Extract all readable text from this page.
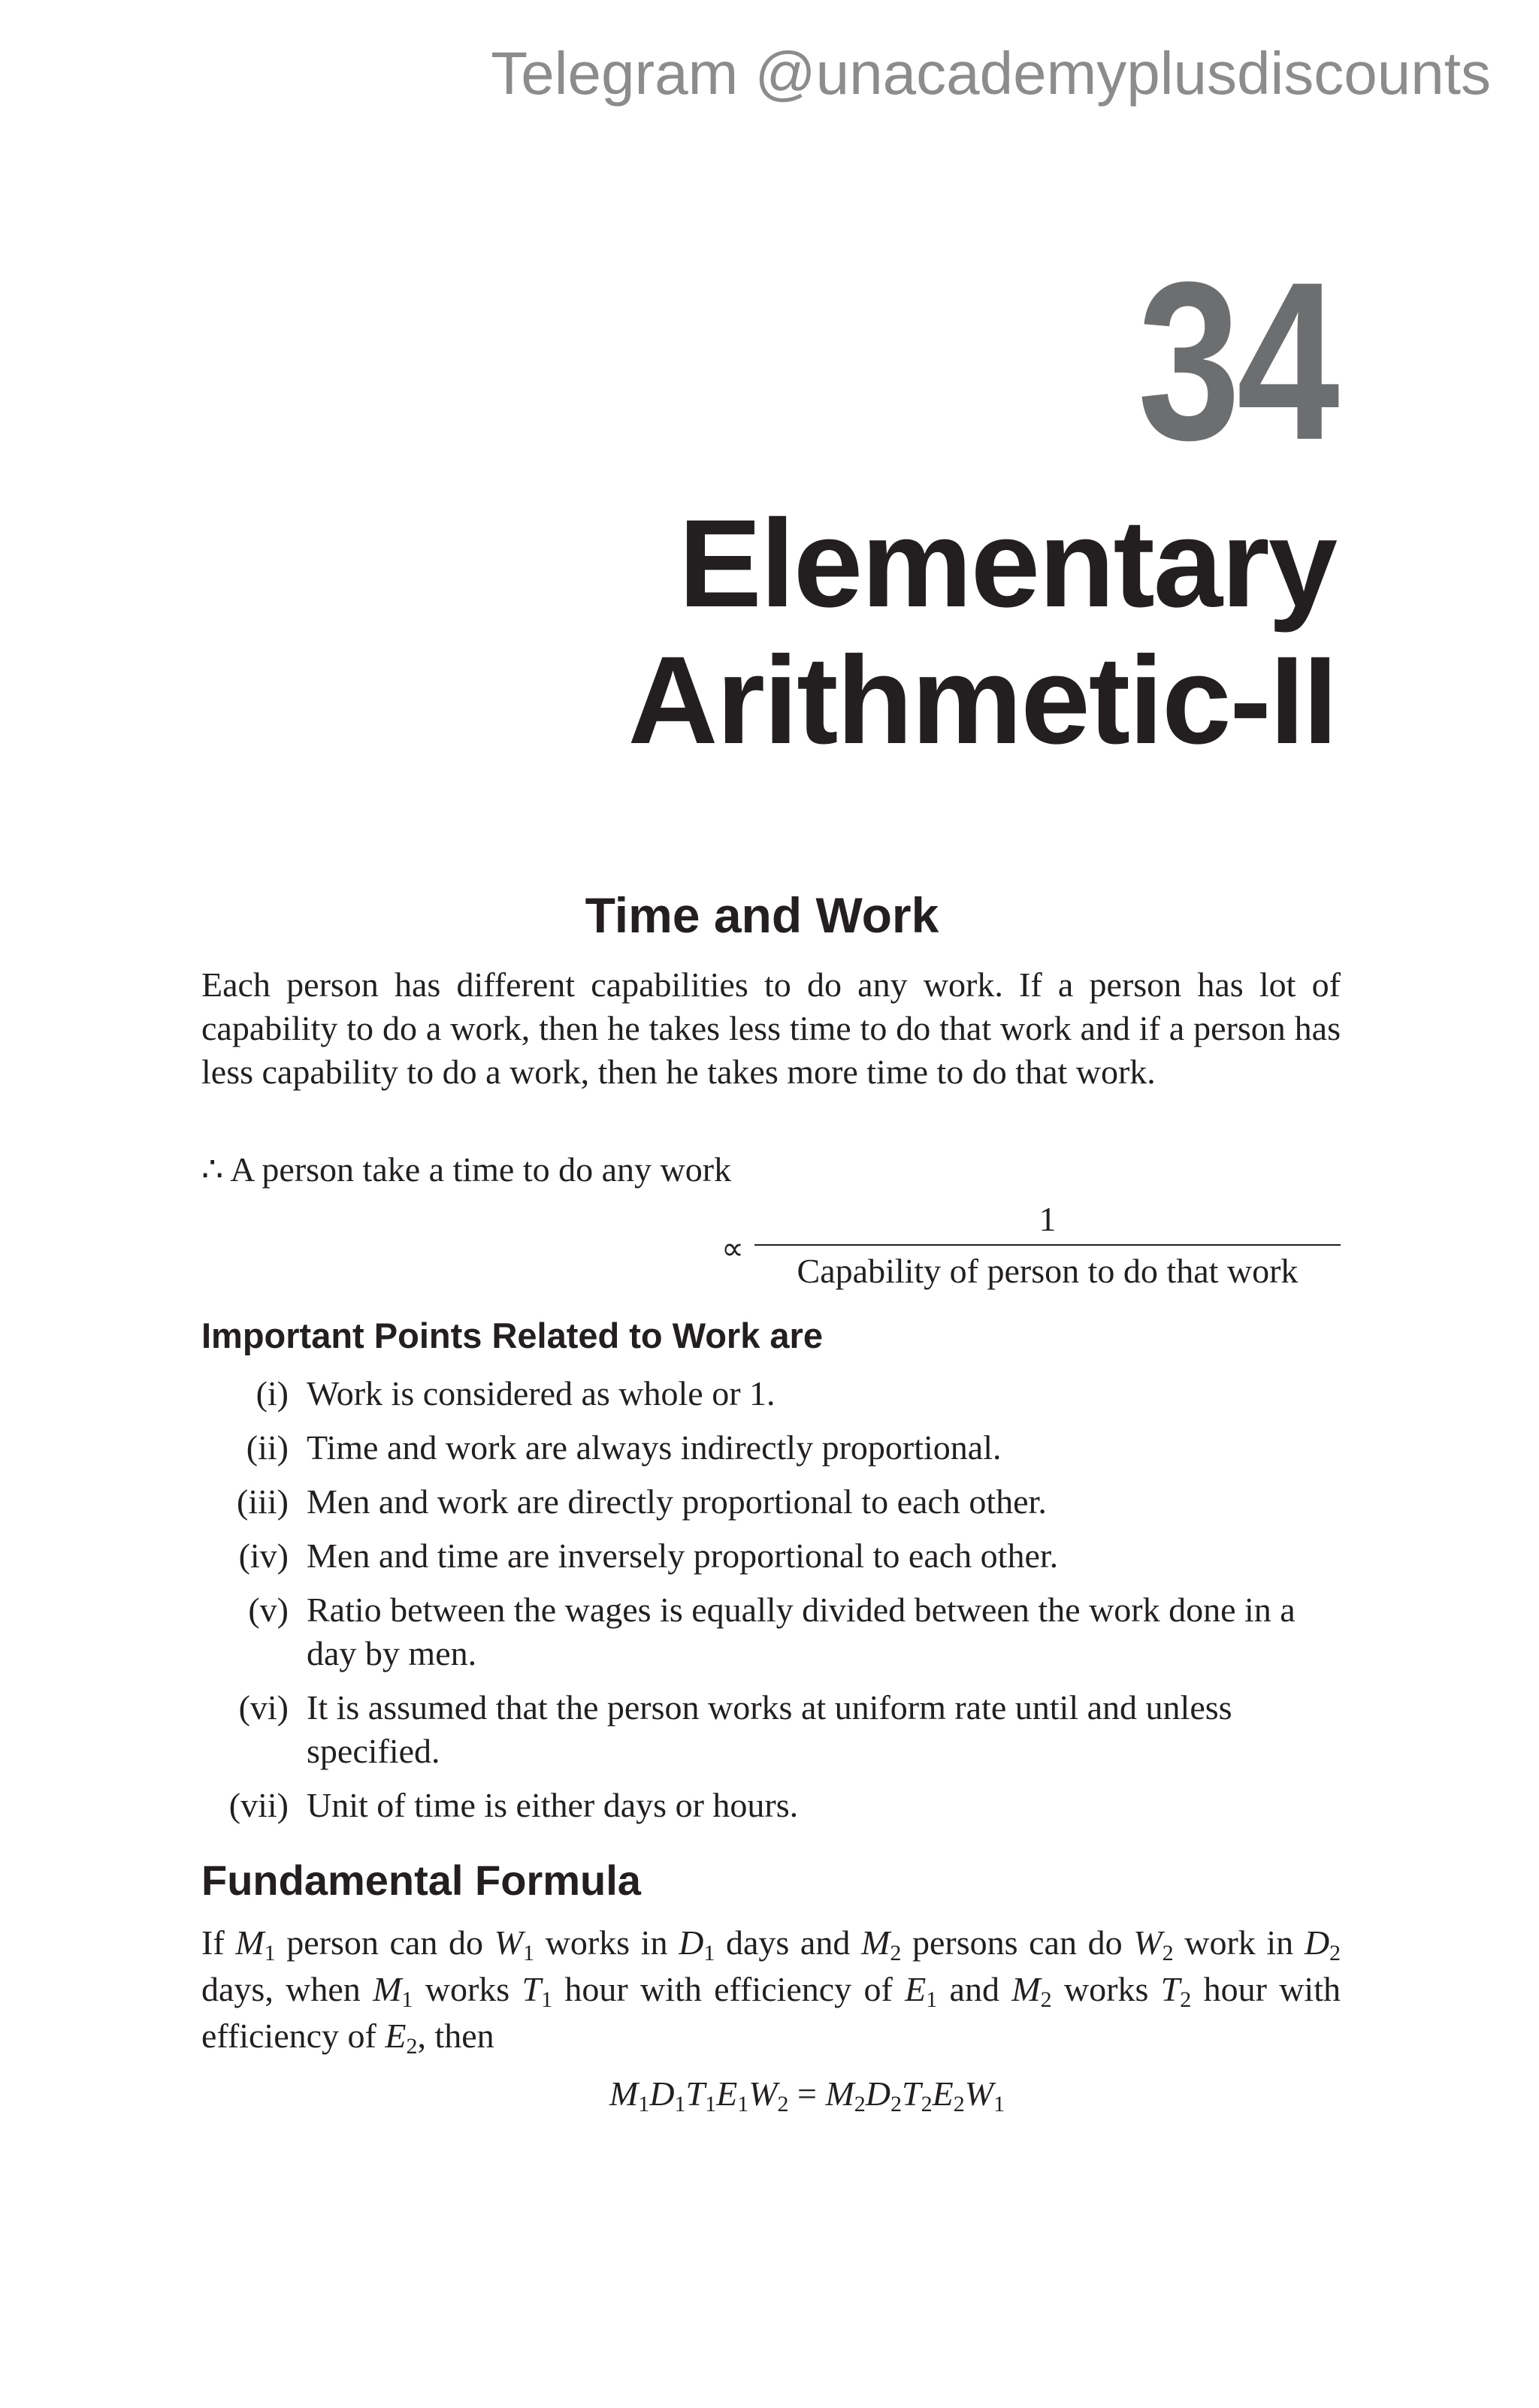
Telegram @unacademyplusdiscounts
34
Elementary
Arithmetic-II
Time and Work

Each person has different capabilities to do any work. If a person has lot of capability to do a work, then he takes less time to do that work and if a person has less capability to do a work, then he takes more time to do that work.

∴ A person take a time to do any work
∝ $\frac{1}{\text{Capability of person to do that work}}$
Important Points Related to Work are
(i) Work is considered as whole or 1.
(ii) Time and work are always indirectly proportional.
(iii) Men and work are directly proportional to each other.
(iv) Men and time are inversely proportional to each other.
(v) Ratio between the wages is equally divided between the work done in a day by men.
(vi) It is assumed that the person works at uniform rate until and unless specified.
(vii) Unit of time is either days or hours.
Fundamental Formula

If $M_1$ person can do $W_1$ works in $D_1$ days and $M_2$ persons can do $W_2$ work in $D_2$ days, when $M_1$ works $T_1$ hour with efficiency of $E_1$ and $M_2$ works $T_2$ hour with efficiency of $E_2$, then

$M_1D_1T_1E_1W_2 = M_2D_2T_2E_2W_1$
